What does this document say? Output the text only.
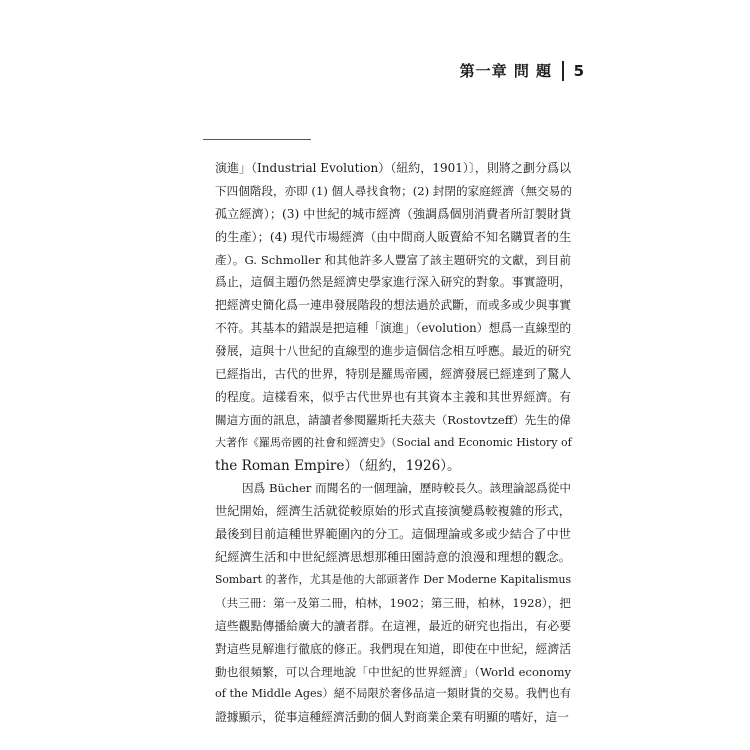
第一章 問 題 5

演進」（Industrial Evolution）（紐約，1901）〕，則將之劃分爲以
下四個階段，亦即 (1) 個人尋找食物；(2) 封閉的家庭經濟（無交易的
孤立經濟）；(3) 中世紀的城市經濟（強調爲個別消費者所訂製財貨
的生產）；(4) 現代市場經濟（由中間商人販賣給不知名購買者的生
產）。G. Schmoller 和其他許多人豐富了該主題研究的文獻，到目前
爲止，這個主題仍然是經濟史學家進行深入研究的對象。事實證明，
把經濟史簡化爲一連串發展階段的想法過於武斷，而或多或少與事實
不符。其基本的錯誤是把這種「演進」（evolution）想爲一直線型的
發展，這與十八世紀的直線型的進步這個信念相互呼應。最近的研究
已經指出，古代的世界，特別是羅馬帝國，經濟發展已經達到了驚人
的程度。這樣看來，似乎古代世界也有其資本主義和其世界經濟。有
關這方面的訊息，請讀者參閱羅斯托夫茲夫（Rostovtzeff）先生的偉
大著作《羅馬帝國的社會和經濟史》（Social and Economic History of
the Roman Empire）（紐約，1926）。

因爲 Bücher 而聞名的一個理論，歷時較長久。該理論認爲從中
世紀開始，經濟生活就從較原始的形式直接演變爲較複雜的形式，
最後到目前這種世界範圍內的分工。這個理論或多或少結合了中世
紀經濟生活和中世紀經濟思想那種田園詩意的浪漫和理想的觀念。
Sombart 的著作，尤其是他的大部頭著作 Der Moderne Kapitalismus
（共三冊：第一及第二冊，柏林，1902；第三冊，柏林，1928），把
這些觀點傳播給廣大的讀者群。在這裡，最近的研究也指出，有必要
對這些見解進行徹底的修正。我們現在知道，即使在中世紀，經濟活
動也很頻繁，可以合理地說「中世紀的世界經濟」（World economy
of the Middle Ages）絕不局限於奢侈品這一類財貨的交易。我們也有
證據顯示，從事這種經濟活動的個人對商業企業有明顯的嗜好，這一
